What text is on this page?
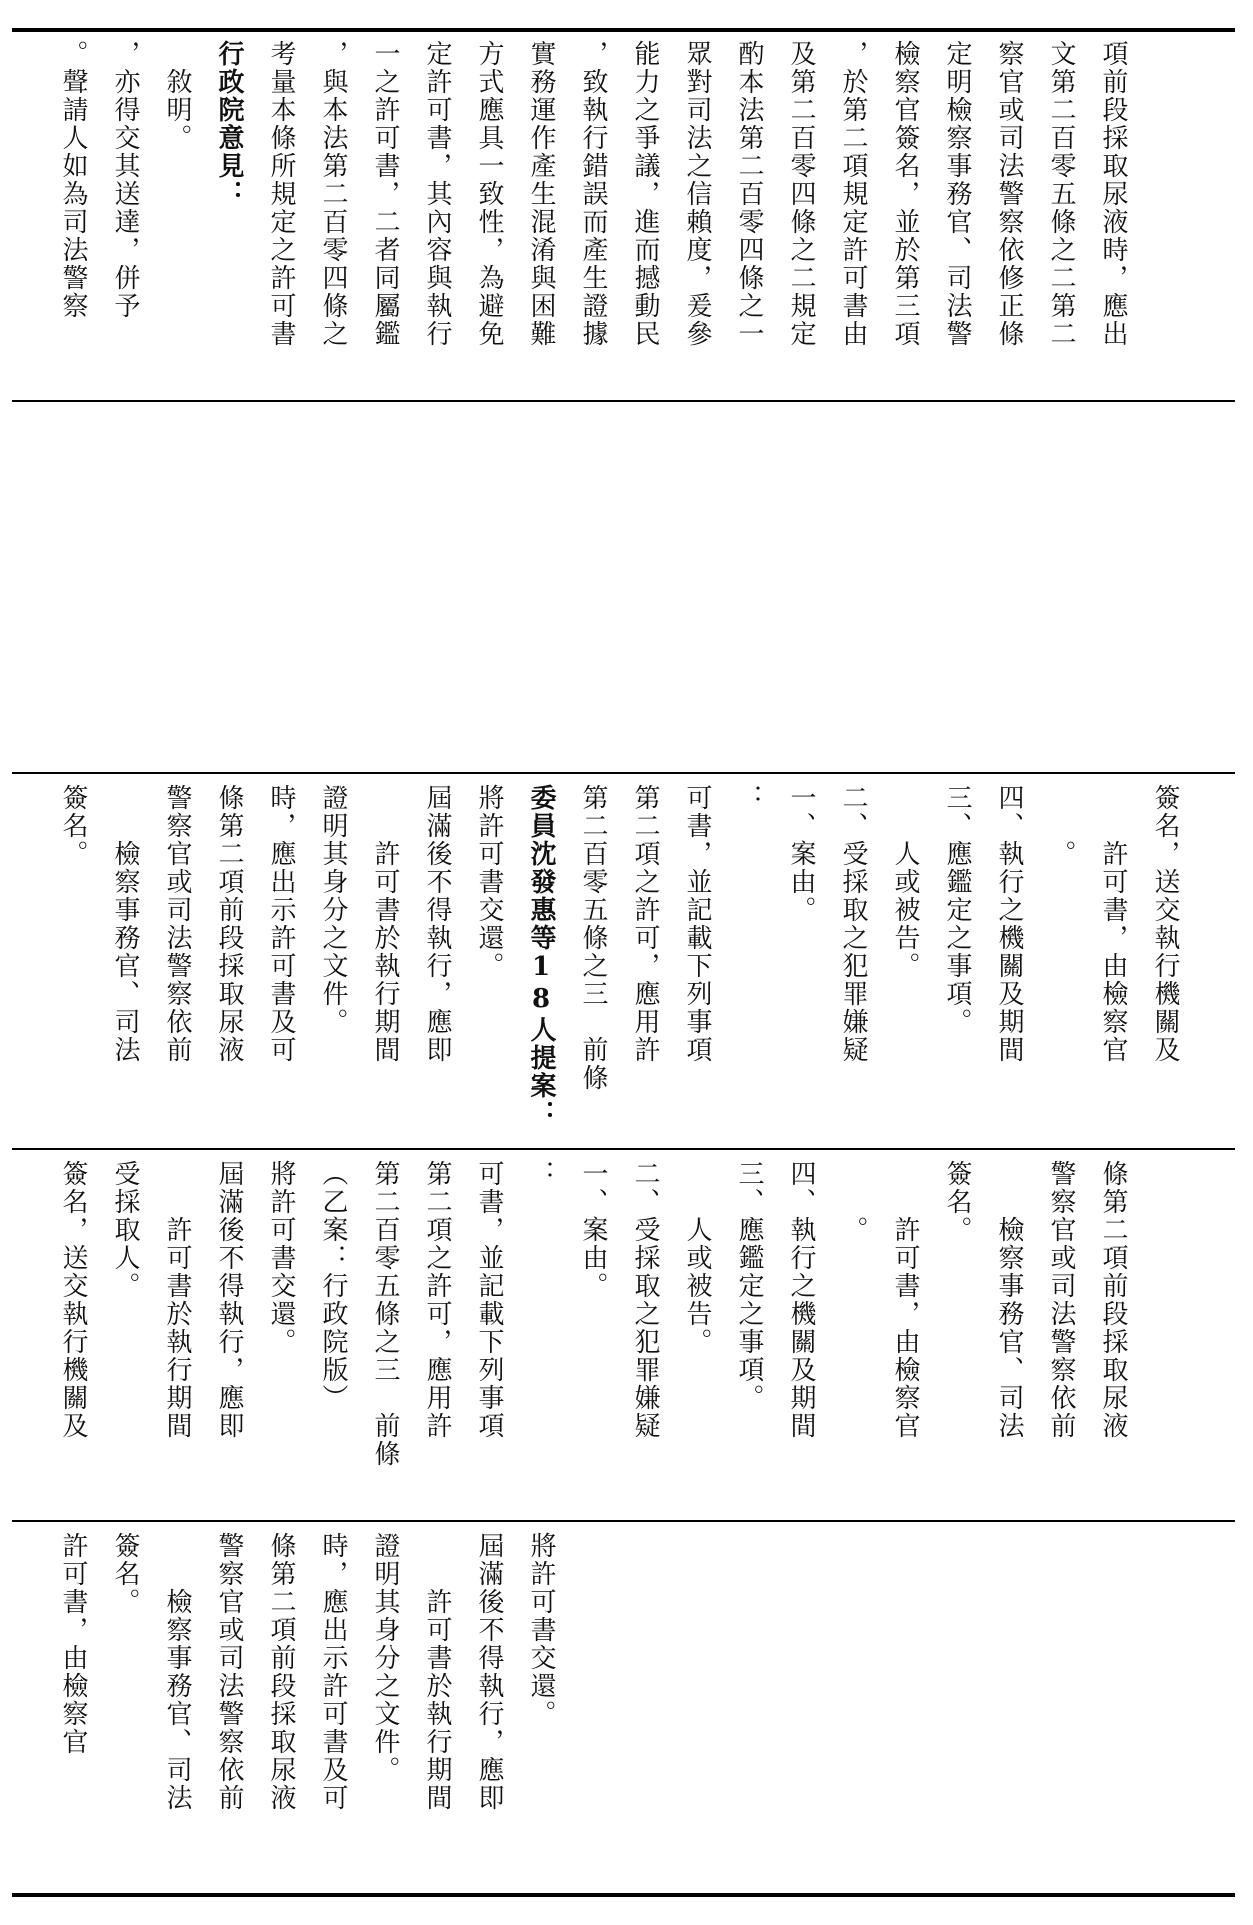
。聲請人如為司法警察 ，亦得交其送達，併予 　敘明。 行政院意見： 考量本條所規定之許可書 ，與本法第二百零四條之 一之許可書，二者同屬鑑 定許可書，其內容與執行 方式應具一致性，為避免 實務運作產生混淆與困難 ，致執行錯誤而產生證據 能力之爭議，進而撼動民 眾對司法之信賴度，爰參 酌本法第二百零四條之一 及第二百零四條之二規定 ，於第二項規定許可書由 檢察官簽名，並於第三項 定明檢察事務官、司法警 察官或司法警察依修正條 文第二百零五條之二第二 項前段採取尿液時，應出
簽名。 　　檢察事務官、司法 警察官或司法警察依前 條第二項前段採取尿液 時，應出示許可書及可 證明其身分之文件。 　　許可書於執行期間 屆滿後不得執行，應即 將許可書交還。 委員沈發惠等18人提案： 第二百零五條之三　前條 第二項之許可，應用許 可書，並記載下列事項 ： 一、案由。 二、受採取之犯罪嫌疑 　　人或被告。 三、應鑑定之事項。 四、執行之機關及期間 　　。 　　許可書，由檢察官 簽名，送交執行機關及
簽名，送交執行機關及 受採取人。 　　許可書於執行期間 屆滿後不得執行，應即 將許可書交還。 （乙案：行政院版） 第二百零五條之三　前條 第二項之許可，應用許 可書，並記載下列事項 ： 一、案由。 二、受採取之犯罪嫌疑 　　人或被告。 三、應鑑定之事項。 四、執行之機關及期間 　　。 　　許可書，由檢察官 簽名。 　　檢察事務官、司法 警察官或司法警察依前 條第二項前段採取尿液
許可書，由檢察官 簽名。 　　檢察事務官、司法 警察官或司法警察依前 條第二項前段採取尿液 時，應出示許可書及可 證明其身分之文件。 　　許可書於執行期間 屆滿後不得執行，應即 將許可書交還。
